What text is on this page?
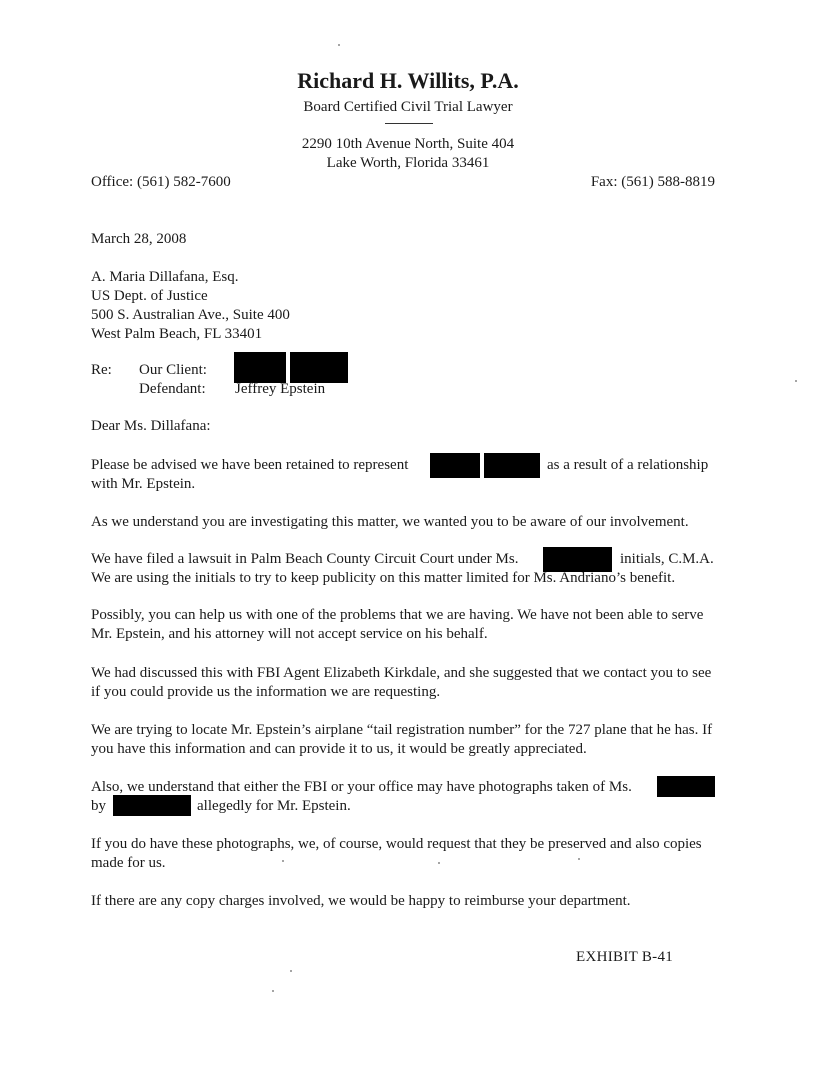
Richard H. Willits, P.A.
Board Certified Civil Trial Lawyer
2290 10th Avenue North, Suite 404
Lake Worth, Florida 33461
Office: (561) 582-7600	Fax: (561) 588-8819
March 28, 2008
A. Maria Dillafana, Esq.
US Dept. of Justice
500 S. Australian Ave., Suite 400
West Palm Beach, FL 33401
Re: Our Client:
Defendant: Jeffrey Epstein
Dear Ms. Dillafana:
Please be advised we have been retained to represent	as a result of a relationship
with Mr. Epstein.
As we understand you are investigating this matter, we wanted you to be aware of our involvement.
We have filed a lawsuit in Palm Beach County Circuit Court under Ms.	initials, C.M.A.
We are using the initials to try to keep publicity on this matter limited for Ms. Andriano’s benefit.
Possibly, you can help us with one of the problems that we are having. We have not been able to serve Mr. Epstein, and his attorney will not accept service on his behalf.
We had discussed this with FBI Agent Elizabeth Kirkdale, and she suggested that we contact you to see if you could provide us the information we are requesting.
We are trying to locate Mr. Epstein’s airplane “tail registration number” for the 727 plane that he has. If you have this information and can provide it to us, it would be greatly appreciated.
Also, we understand that either the FBI or your office may have photographs taken of Ms.
by	allegedly for Mr. Epstein.
If you do have these photographs, we, of course, would request that they be preserved and also copies made for us.
If there are any copy charges involved, we would be happy to reimburse your department.
EXHIBIT B-41
